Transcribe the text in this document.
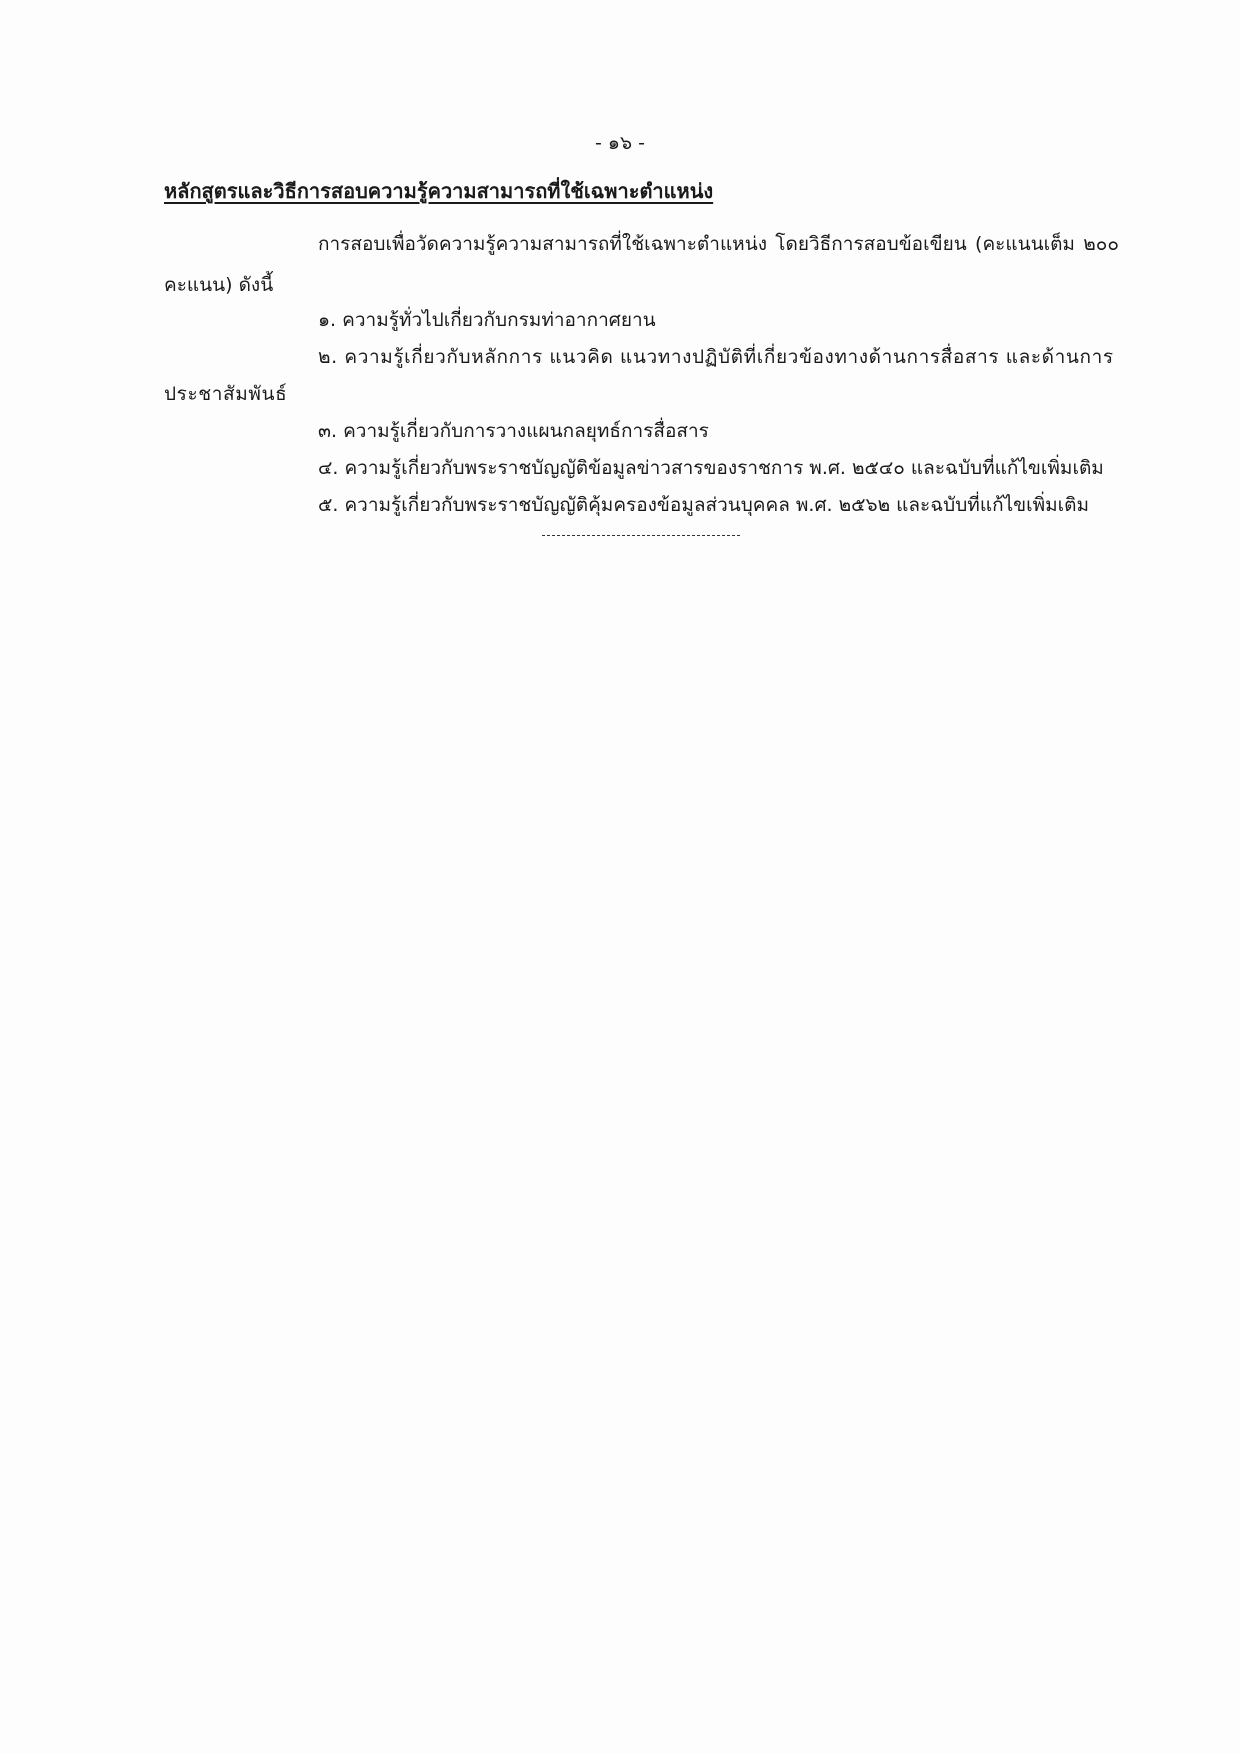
- ๑๖ -
หลักสูตรและวิธีการสอบความรู้ความสามารถที่ใช้เฉพาะตำแหน่ง
การสอบเพื่อวัดความรู้ความสามารถที่ใช้เฉพาะตำแหน่ง โดยวิธีการสอบข้อเขียน (คะแนนเต็ม ๒๐๐ คะแนน) ดังนี้
๑. ความรู้ทั่วไปเกี่ยวกับกรมท่าอากาศยาน
๒. ความรู้เกี่ยวกับหลักการ แนวคิด แนวทางปฏิบัติที่เกี่ยวข้องทางด้านการสื่อสาร และด้านการประชาสัมพันธ์
๓. ความรู้เกี่ยวกับการวางแผนกลยุทธ์การสื่อสาร
๔. ความรู้เกี่ยวกับพระราชบัญญัติข้อมูลข่าวสารของราชการ พ.ศ. ๒๕๔๐ และฉบับที่แก้ไขเพิ่มเติม
๕. ความรู้เกี่ยวกับพระราชบัญญัติคุ้มครองข้อมูลส่วนบุคคล พ.ศ. ๒๕๖๒ และฉบับที่แก้ไขเพิ่มเติม
